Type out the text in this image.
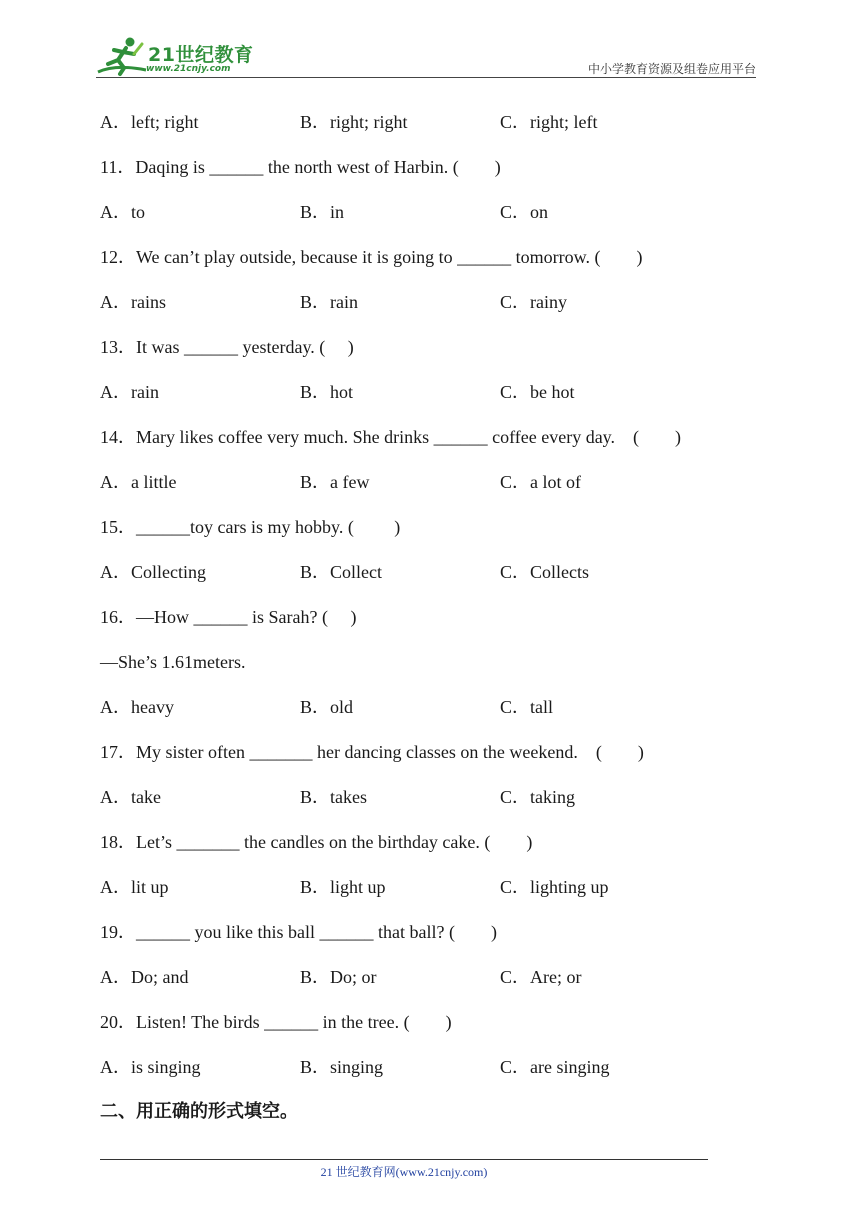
21世纪教育
www.21cnjy.com	中小学教育资源及组卷应用平台
A．left; right	B．right; right	C．right; left
11．Daqing is ______ the north west of Harbin. (　　)
A．to	B．in	C．on
12．We can’t play outside, because it is going to ______ tomorrow. (　　)
A．rains	B．rain	C．rainy
13．It was ______ yesterday. (　 )
A．rain	B．hot	C．be hot
14．Mary likes coffee very much. She drinks ______ coffee every day.　(　　)
A．a little	B．a few	C．a lot of
15．______toy cars is my hobby. (　　 )
A．Collecting	B．Collect	C．Collects
16．—How ______ is Sarah? (　 )
—She’s 1.61meters.
A．heavy	B．old	C．tall
17．My sister often _______ her dancing classes on the weekend.　(　　)
A．take	B．takes	C．taking
18．Let’s _______ the candles on the birthday cake. (　　)
A．lit up	B．light up	C．lighting up
19．______ you like this ball ______ that ball? (　　)
A．Do; and	B．Do; or	C．Are; or
20．Listen! The birds ______ in the tree. (　　)
A．is singing	B．singing	C．are singing
二、用正确的形式填空。
21 世纪教育网(www.21cnjy.com)
